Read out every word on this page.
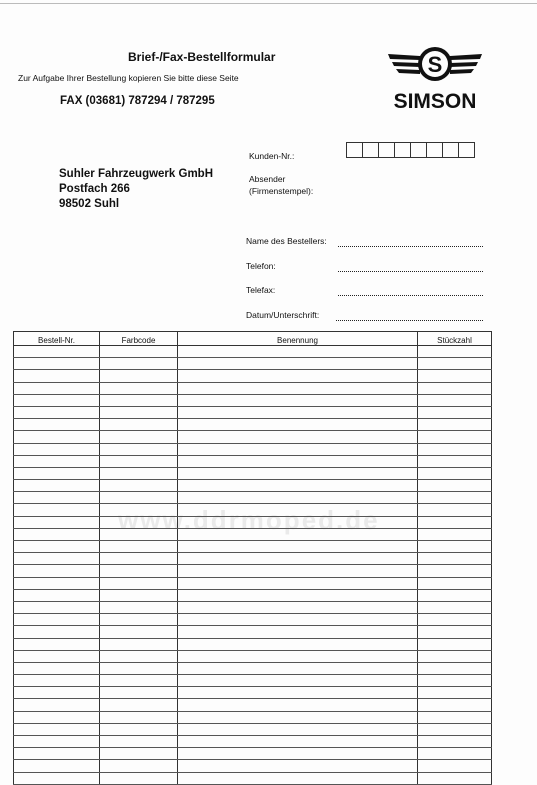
Brief-/Fax-Bestellformular
Zur Aufgabe Ihrer Bestellung kopieren Sie bitte diese Seite
FAX (03681) 787294 / 787295
S
SIMSON
Suhler Fahrzeugwerk GmbH
Postfach 266
98502 Suhl
Kunden-Nr.:
Absender
(Firmenstempel):
Name des Bestellers:
Telefon:
Telefax:
Datum/Unterschrift:
www.ddrmoped.de
Bestell-Nr.	Farbcode	Benennung	Stückzahl
